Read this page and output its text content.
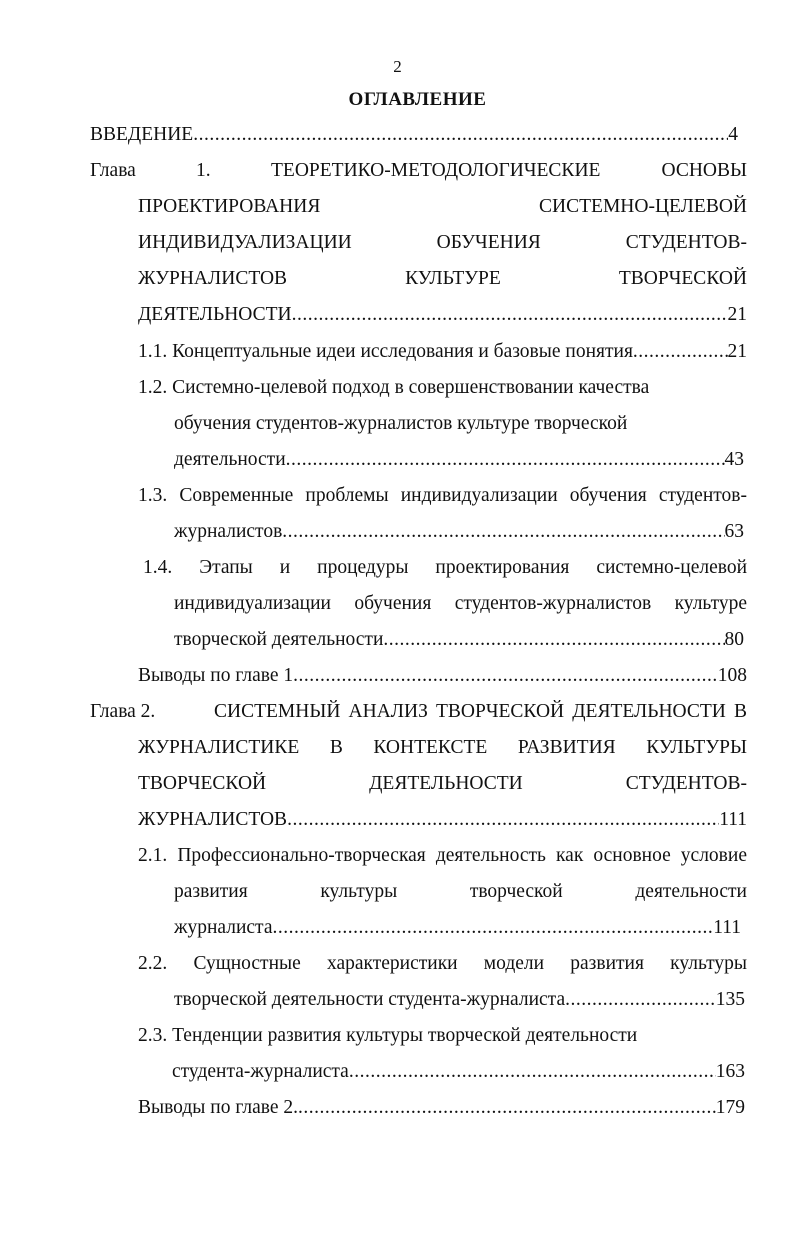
2
ОГЛАВЛЕНИЕ
ВВЕДЕНИЕ .....	4
Глава	1.	ТЕОРЕТИКО-МЕТОДОЛОГИЧЕСКИЕ ОСНОВЫ
ПРОЕКТИРОВАНИЯ СИСТЕМНО-ЦЕЛЕВОЙ
ИНДИВИДУАЛИЗАЦИИ ОБУЧЕНИЯ СТУДЕНТОВ-
ЖУРНАЛИСТОВ КУЛЬТУРЕ ТВОРЧЕСКОЙ
ДЕЯТЕЛЬНОСТИ .....	21
1.1. Концептуальные идеи исследования и базовые понятия .....	21
1.2. Системно-целевой подход в совершенствовании качества
обучения студентов-журналистов культуре творческой
деятельности .....	43
1.3. Современные проблемы индивидуализации обучения студентов-
журналистов .....	63
1.4. Этапы и процедуры проектирования системно-целевой
индивидуализации обучения студентов-журналистов культуре
творческой деятельности .....	80
Выводы по главе 1 .....	108
Глава 2.	СИСТЕМНЫЙ АНАЛИЗ ТВОРЧЕСКОЙ ДЕЯТЕЛЬНОСТИ В
ЖУРНАЛИСТИКЕ В КОНТЕКСТЕ РАЗВИТИЯ КУЛЬТУРЫ
ТВОРЧЕСКОЙ ДЕЯТЕЛЬНОСТИ СТУДЕНТОВ-
ЖУРНАЛИСТОВ .....	111
2.1. Профессионально-творческая деятельность как основное условие
развития культуры творческой деятельности
журналиста .....	111
2.2. Сущностные характеристики модели развития культуры
творческой деятельности студента-журналиста .....	135
2.3. Тенденции развития культуры творческой деятельности
студента-журналиста .....	163
Выводы по главе 2. .....	179
